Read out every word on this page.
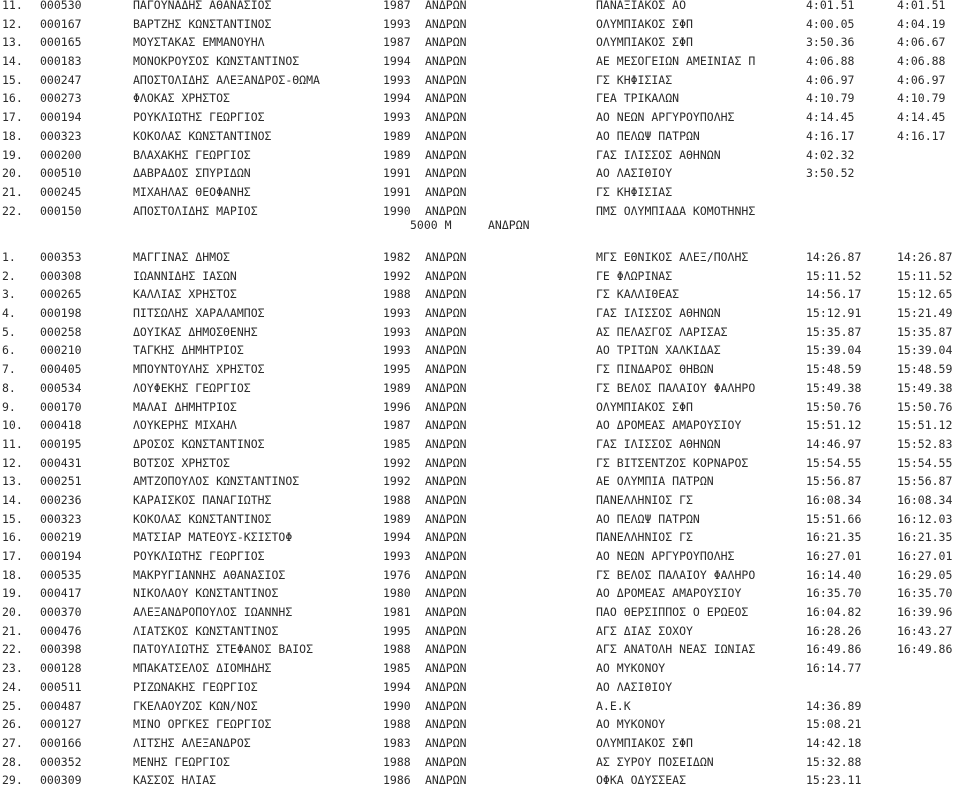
11. 000530	ΠΑΓΟΥΝΑΔΗΣ ΑΘΑΝΑΣΙΟΣ	1987 ΑΝΔΡΩΝ	ΠΑΝΑΞΙΑΚΟΣ ΑΟ	4:01.51	4:01.51
12. 000167	ΒΑΡΤΖΗΣ ΚΩΝΣΤΑΝΤΙΝΟΣ	1993 ΑΝΔΡΩΝ	ΟΛΥΜΠΙΑΚΟΣ ΣΦΠ	4:00.05	4:04.19
13. 000165	ΜΟΥΣΤΑΚΑΣ ΕΜΜΑΝΟΥΗΛ	1987 ΑΝΔΡΩΝ	ΟΛΥΜΠΙΑΚΟΣ ΣΦΠ	3:50.36	4:06.67
14. 000183	ΜΟΝΟΚΡΟΥΣΟΣ ΚΩΝΣΤΑΝΤΙΝΟΣ	1994 ΑΝΔΡΩΝ	ΑΕ ΜΕΣΟΓΕΙΩΝ ΑΜΕΙΝΙΑΣ Π	4:06.88	4:06.88
15. 000247	ΑΠΟΣΤΟΛΙΔΗΣ ΑΛΕΞΑΝΔΡΟΣ-ΘΩΜΑ	1993 ΑΝΔΡΩΝ	ΓΣ ΚΗΦΙΣΙΑΣ	4:06.97	4:06.97
16. 000273	ΦΛΟΚΑΣ ΧΡΗΣΤΟΣ	1994 ΑΝΔΡΩΝ	ΓΕΑ ΤΡΙΚΑΛΩΝ	4:10.79	4:10.79
17. 000194	ΡΟΥΚΛΙΩΤΗΣ ΓΕΩΡΓΙΟΣ	1993 ΑΝΔΡΩΝ	ΑΟ ΝΕΩΝ ΑΡΓΥΡΟΥΠΟΛΗΣ	4:14.45	4:14.45
18. 000323	ΚΟΚΟΛΑΣ ΚΩΝΣΤΑΝΤΙΝΟΣ	1989 ΑΝΔΡΩΝ	ΑΟ ΠΕΛΩΨ ΠΑΤΡΩΝ	4:16.17	4:16.17
19. 000200	ΒΛΑΧΑΚΗΣ ΓΕΩΡΓΙΟΣ	1989 ΑΝΔΡΩΝ	ΓΑΣ ΙΛΙΣΣΟΣ ΑΘΗΝΩΝ	4:02.32
20. 000510	ΔΑΒΡΑΔΟΣ ΣΠΥΡΙΔΩΝ	1991 ΑΝΔΡΩΝ	ΑΟ ΛΑΣΙΘΙΟΥ	3:50.52
21. 000245	ΜΙΧΑΗΛΑΣ ΘΕΟΦΑΝΗΣ	1991 ΑΝΔΡΩΝ	ΓΣ ΚΗΦΙΣΙΑΣ
22. 000150	ΑΠΟΣΤΟΛΙΔΗΣ ΜΑΡΙΟΣ	1990 ΑΝΔΡΩΝ	ΠΜΣ ΟΛΥΜΠΙΑΔΑ ΚΟΜΟΤΗΝΗΣ
5000 Μ	ΑΝΔΡΩΝ
1. 000353	ΜΑΓΓΙΝΑΣ ΔΗΜΟΣ	1982 ΑΝΔΡΩΝ	ΜΓΣ ΕΘΝΙΚΟΣ ΑΛΕΞ/ΠΟΛΗΣ	14:26.87	14:26.87
2. 000308	ΙΩΑΝΝΙΔΗΣ ΙΑΣΩΝ	1992 ΑΝΔΡΩΝ	ΓΕ ΦΛΩΡΙΝΑΣ	15:11.52	15:11.52
3. 000265	ΚΑΛΛΙΑΣ ΧΡΗΣΤΟΣ	1988 ΑΝΔΡΩΝ	ΓΣ ΚΑΛΛΙΘΕΑΣ	14:56.17	15:12.65
4. 000198	ΠΙΤΣΩΛΗΣ ΧΑΡΑΛΑΜΠΟΣ	1993 ΑΝΔΡΩΝ	ΓΑΣ ΙΛΙΣΣΟΣ ΑΘΗΝΩΝ	15:12.91	15:21.49
5. 000258	ΔΟΥΙΚΑΣ ΔΗΜΟΣΘΕΝΗΣ	1993 ΑΝΔΡΩΝ	ΑΣ ΠΕΛΑΣΓΟΣ ΛΑΡΙΣΑΣ	15:35.87	15:35.87
6. 000210	ΤΑΓΚΗΣ ΔΗΜΗΤΡΙΟΣ	1993 ΑΝΔΡΩΝ	ΑΟ ΤΡΙΤΩΝ ΧΑΛΚΙΔΑΣ	15:39.04	15:39.04
7. 000405	ΜΠΟΥΝΤΟΥΛΗΣ ΧΡΗΣΤΟΣ	1995 ΑΝΔΡΩΝ	ΓΣ ΠΙΝΔΑΡΟΣ ΘΗΒΩΝ	15:48.59	15:48.59
8. 000534	ΛΟΥΦΕΚΗΣ ΓΕΩΡΓΙΟΣ	1989 ΑΝΔΡΩΝ	ΓΣ ΒΕΛΟΣ ΠΑΛΑΙΟΥ ΦΑΛΗΡΟ	15:49.38	15:49.38
9. 000170	ΜΑΛΑΙ ΔΗΜΗΤΡΙΟΣ	1996 ΑΝΔΡΩΝ	ΟΛΥΜΠΙΑΚΟΣ ΣΦΠ	15:50.76	15:50.76
10. 000418	ΛΟΥΚΕΡΗΣ ΜΙΧΑΗΛ	1987 ΑΝΔΡΩΝ	ΑΟ ΔΡΟΜΕΑΣ ΑΜΑΡΟΥΣΙΟΥ	15:51.12	15:51.12
11. 000195	ΔΡΟΣΟΣ ΚΩΝΣΤΑΝΤΙΝΟΣ	1985 ΑΝΔΡΩΝ	ΓΑΣ ΙΛΙΣΣΟΣ ΑΘΗΝΩΝ	14:46.97	15:52.83
12. 000431	ΒΟΤΣΟΣ ΧΡΗΣΤΟΣ	1992 ΑΝΔΡΩΝ	ΓΣ ΒΙΤΣΕΝΤΖΟΣ ΚΟΡΝΑΡΟΣ	15:54.55	15:54.55
13. 000251	ΑΜΤΖΟΠΟΥΛΟΣ ΚΩΝΣΤΑΝΤΙΝΟΣ	1992 ΑΝΔΡΩΝ	ΑΕ ΟΛΥΜΠΙΑ ΠΑΤΡΩΝ	15:56.87	15:56.87
14. 000236	ΚΑΡΑΙΣΚΟΣ ΠΑΝΑΓΙΩΤΗΣ	1988 ΑΝΔΡΩΝ	ΠΑΝΕΛΛΗΝΙΟΣ ΓΣ	16:08.34	16:08.34
15. 000323	ΚΟΚΟΛΑΣ ΚΩΝΣΤΑΝΤΙΝΟΣ	1989 ΑΝΔΡΩΝ	ΑΟ ΠΕΛΩΨ ΠΑΤΡΩΝ	15:51.66	16:12.03
16. 000219	ΜΑΤΣΙΑΡ ΜΑΤΕΟΥΣ-ΚΣΙΣΤΟΦ	1994 ΑΝΔΡΩΝ	ΠΑΝΕΛΛΗΝΙΟΣ ΓΣ	16:21.35	16:21.35
17. 000194	ΡΟΥΚΛΙΩΤΗΣ ΓΕΩΡΓΙΟΣ	1993 ΑΝΔΡΩΝ	ΑΟ ΝΕΩΝ ΑΡΓΥΡΟΥΠΟΛΗΣ	16:27.01	16:27.01
18. 000535	ΜΑΚΡΥΓΙΑΝΝΗΣ ΑΘΑΝΑΣΙΟΣ	1976 ΑΝΔΡΩΝ	ΓΣ ΒΕΛΟΣ ΠΑΛΑΙΟΥ ΦΑΛΗΡΟ	16:14.40	16:29.05
19. 000417	ΝΙΚΟΛΑΟΥ ΚΩΝΣΤΑΝΤΙΝΟΣ	1980 ΑΝΔΡΩΝ	ΑΟ ΔΡΟΜΕΑΣ ΑΜΑΡΟΥΣΙΟΥ	16:35.70	16:35.70
20. 000370	ΑΛΕΞΑΝΔΡΟΠΟΥΛΟΣ ΙΩΑΝΝΗΣ	1981 ΑΝΔΡΩΝ	ΠΑΟ ΘΕΡΣΙΠΠΟΣ Ο ΕΡΩΕΟΣ	16:04.82	16:39.96
21. 000476	ΛΙΑΤΣΚΟΣ ΚΩΝΣΤΑΝΤΙΝΟΣ	1995 ΑΝΔΡΩΝ	ΑΓΣ ΔΙΑΣ ΣΟΧΟΥ	16:28.26	16:43.27
22. 000398	ΠΑΤΟΥΛΙΩΤΗΣ ΣΤΕΦΑΝΟΣ ΒΑΙΟΣ	1988 ΑΝΔΡΩΝ	ΑΓΣ ΑΝΑΤΟΛΗ ΝΕΑΣ ΙΩΝΙΑΣ	16:49.86	16:49.86
23. 000128	ΜΠΑΚΑΤΣΕΛΟΣ ΔΙΟΜΗΔΗΣ	1985 ΑΝΔΡΩΝ	ΑΟ ΜΥΚΟΝΟΥ	16:14.77
24. 000511	ΡΙΖΩΝΑΚΗΣ ΓΕΩΡΓΙΟΣ	1994 ΑΝΔΡΩΝ	ΑΟ ΛΑΣΙΘΙΟΥ
25. 000487	ΓΚΕΛΑΟΥΖΟΣ ΚΩΝ/ΝΟΣ	1990 ΑΝΔΡΩΝ	Α.Ε.Κ	14:36.89
26. 000127	ΜΙΝΟ ΟΡΓΚΕΣ ΓΕΩΡΓΙΟΣ	1988 ΑΝΔΡΩΝ	ΑΟ ΜΥΚΟΝΟΥ	15:08.21
27. 000166	ΛΙΤΣΗΣ ΑΛΕΞΑΝΔΡΟΣ	1983 ΑΝΔΡΩΝ	ΟΛΥΜΠΙΑΚΟΣ ΣΦΠ	14:42.18
28. 000352	ΜΕΝΗΣ ΓΕΩΡΓΙΟΣ	1988 ΑΝΔΡΩΝ	ΑΣ ΣΥΡΟΥ ΠΟΣΕΙΔΩΝ	15:32.88
29. 000309	ΚΑΣΣΟΣ ΗΛΙΑΣ	1986 ΑΝΔΡΩΝ	ΟΦΚΑ ΟΔΥΣΣΕΑΣ	15:23.11
